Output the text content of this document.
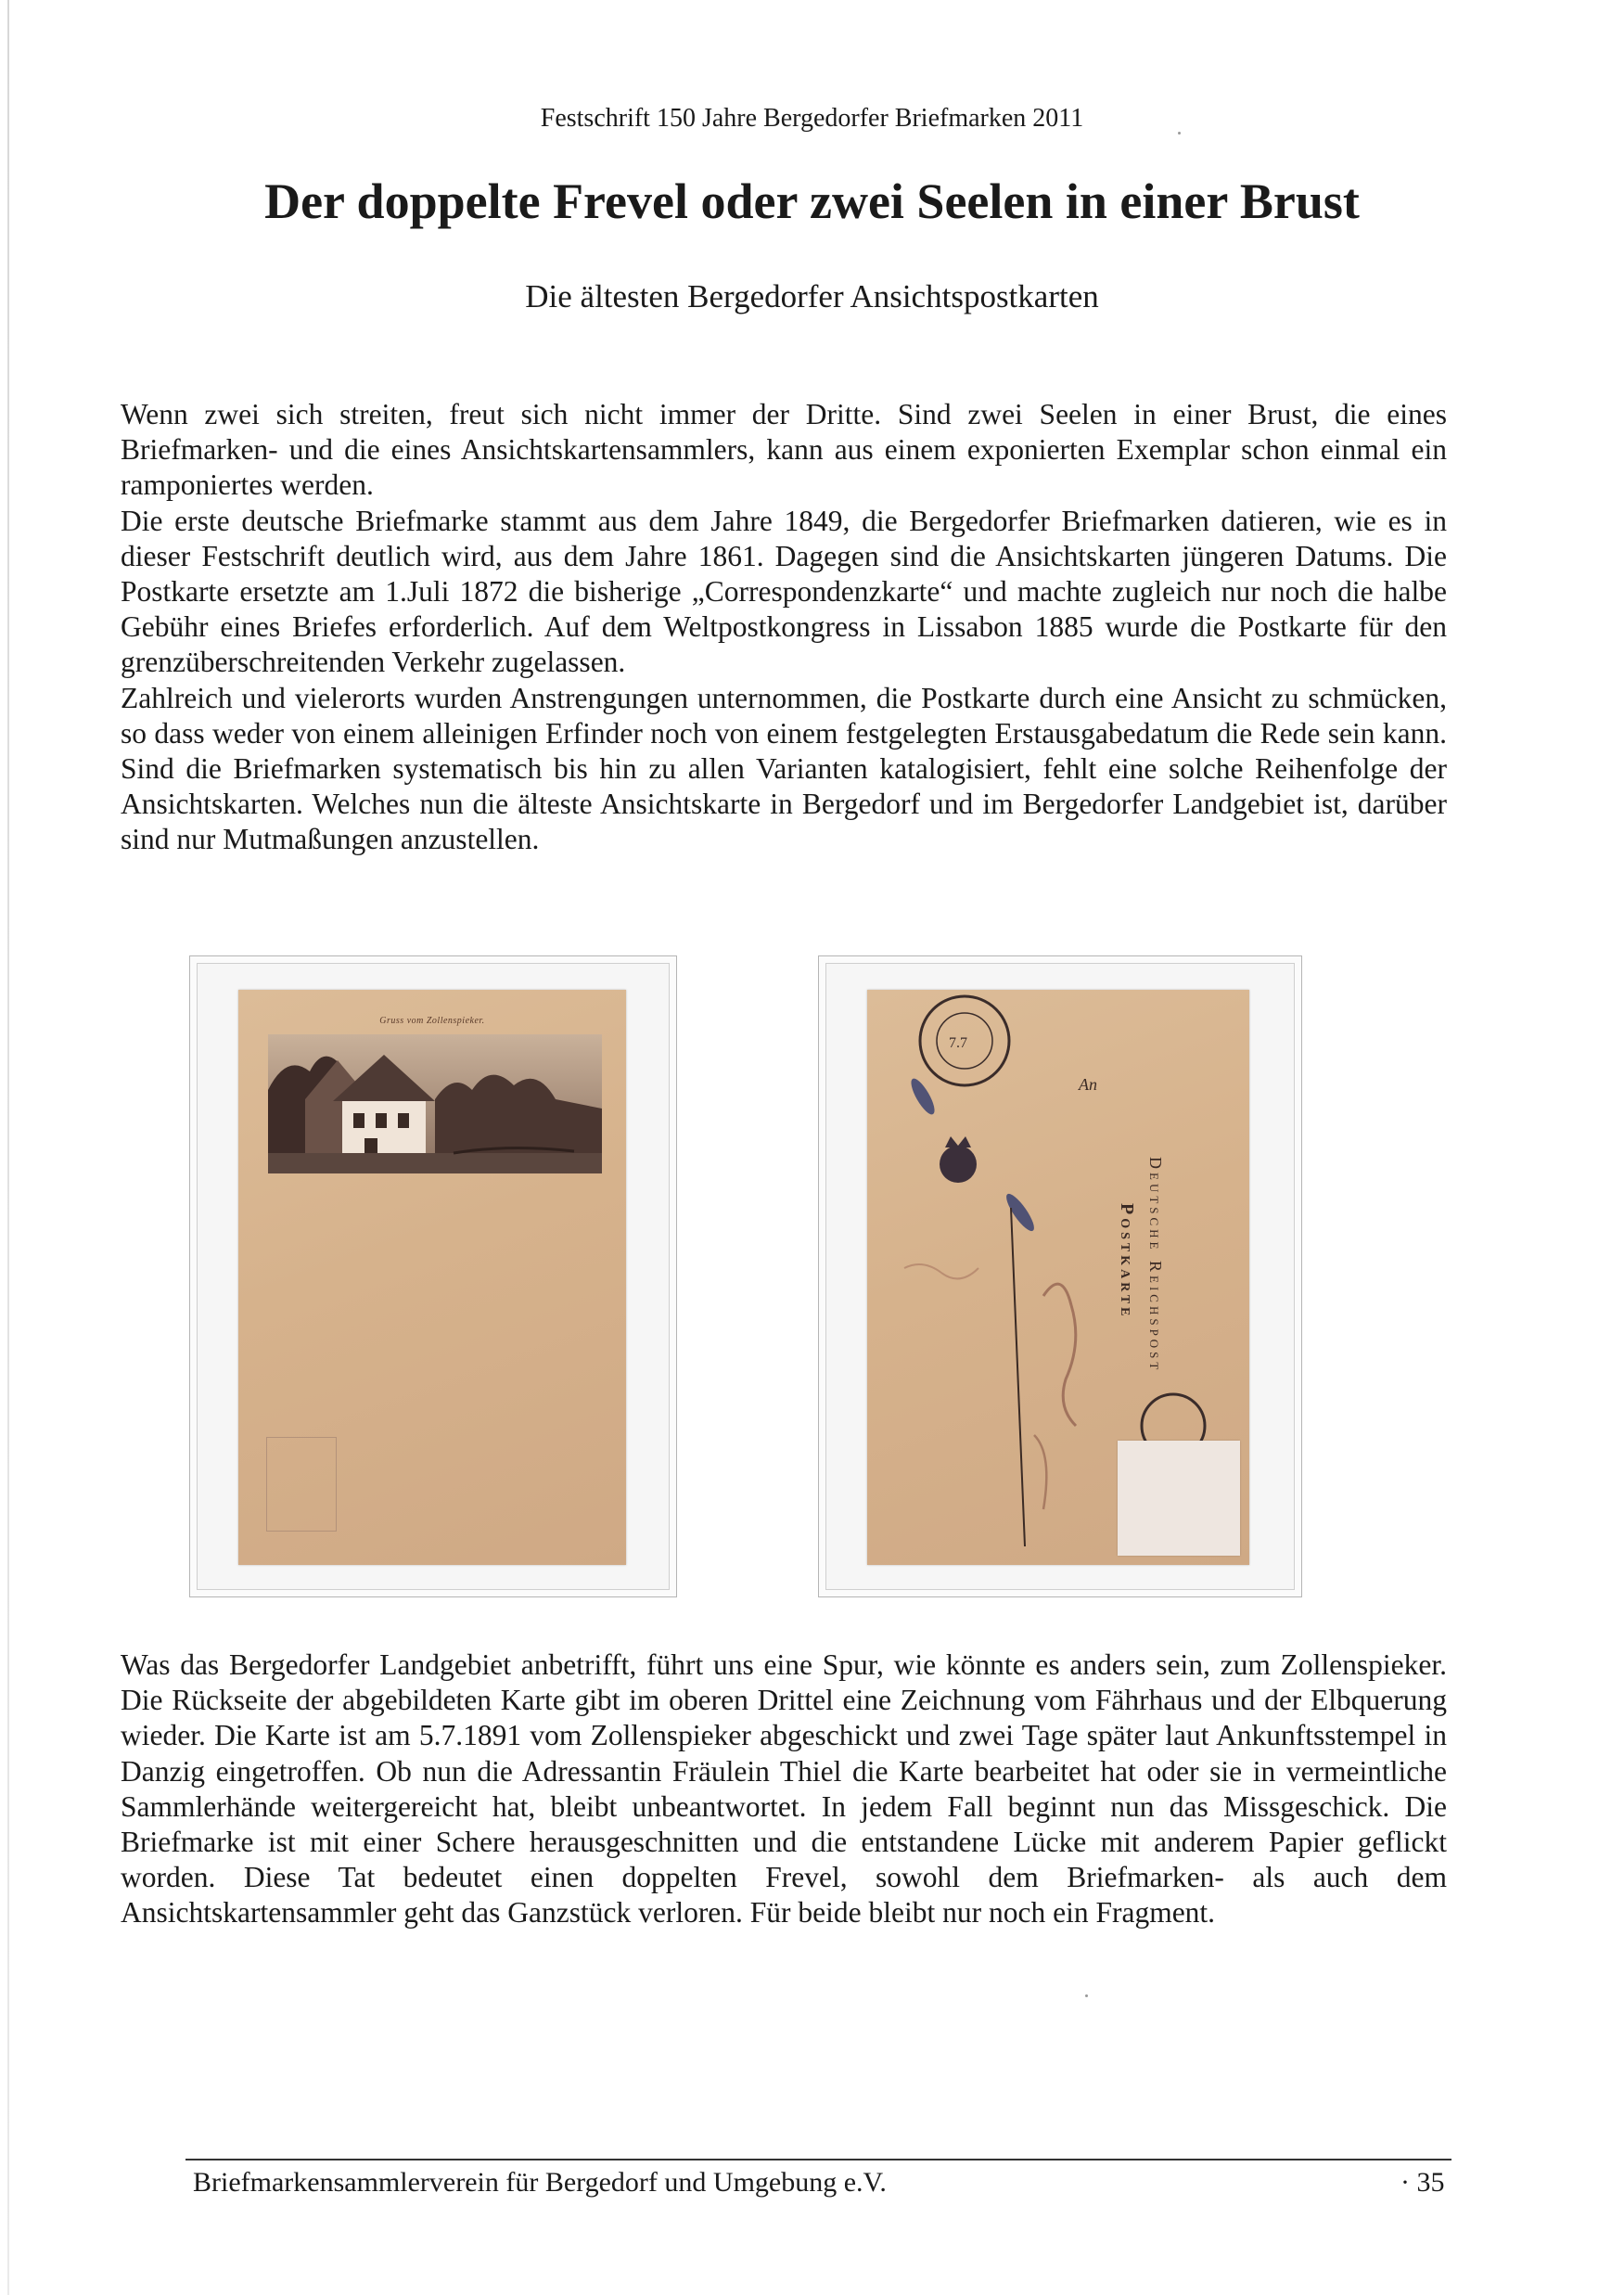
Festschrift 150 Jahre Bergedorfer Briefmarken 2011
Der doppelte Frevel oder zwei Seelen in einer Brust
Die ältesten Bergedorfer Ansichtspostkarten

Wenn zwei sich streiten, freut sich nicht immer der Dritte. Sind zwei Seelen in einer Brust, die eines Briefmarken- und die eines Ansichtskartensammlers, kann aus einem exponierten Exemplar schon einmal ein ramponiertes werden.

Die erste deutsche Briefmarke stammt aus dem Jahre 1849, die Bergedorfer Briefmarken datieren, wie es in dieser Festschrift deutlich wird, aus dem Jahre 1861. Dagegen sind die Ansichtskarten jüngeren Datums. Die Postkarte ersetzte am 1.Juli 1872 die bisherige „Correspondenzkarte“ und machte zugleich nur noch die halbe Gebühr eines Briefes erforderlich. Auf dem Weltpostkongress in Lissabon 1885 wurde die Postkarte für den grenzüberschreitenden Verkehr zugelassen.

Zahlreich und vielerorts wurden Anstrengungen unternommen, die Postkarte durch eine Ansicht zu schmücken, so dass weder von einem alleinigen Erfinder noch von einem festgelegten Erstausgabedatum die Rede sein kann. Sind die Briefmarken systematisch bis hin zu allen Varianten katalogisiert, fehlt eine solche Reihenfolge der Ansichtskarten. Welches nun die älteste Ansichtskarte in Bergedorf und im Bergedorfer Landgebiet ist, darüber sind nur Mutmaßungen anzustellen.

Gruss vom Zollenspieker.
7.7
An
Deutsche Reichspost
Postkarte

Was das Bergedorfer Landgebiet anbetrifft, führt uns eine Spur, wie könnte es anders sein, zum Zollenspieker. Die Rückseite der abgebildeten Karte gibt im oberen Drittel eine Zeichnung vom Fährhaus und der Elbquerung wieder. Die Karte ist am 5.7.1891 vom Zollenspieker abgeschickt und zwei Tage später laut Ankunftsstempel in Danzig eingetroffen. Ob nun die Adressantin Fräulein Thiel die Karte bearbeitet hat oder sie in vermeintliche Sammlerhände weitergereicht hat, bleibt unbeantwortet. In jedem Fall beginnt nun das Missgeschick. Die Briefmarke ist mit einer Schere herausgeschnitten und die entstandene Lücke mit anderem Papier geflickt worden. Diese Tat bedeutet einen doppelten Frevel, sowohl dem Briefmarken- als auch dem Ansichtskartensammler geht das Ganzstück verloren. Für beide bleibt nur noch ein Fragment.

Briefmarkensammlerverein für Bergedorf und Umgebung e.V.	· 35
